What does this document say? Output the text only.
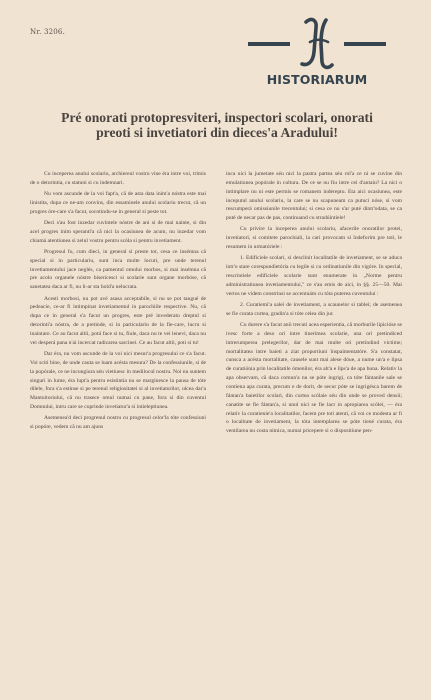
Nr. 3206.
HISTORIARUM
Pré onorati protopresviteri, inspectori scolari, onorati
preoti si invetiatori din dieces'a Aradului!

Cu inceperea anului scolariu, archiereul vostru vine éra intre voi, trimis de o detorintia, cu statuni si cu indemnari.

Nu vom ascunde de la voi fapt'a, că de asta data inim'a nóstra este mai linistita, dupa ce ne-am convins, din essaminele anului scolariu trecut, că un progres óre-care s'a facut, socotindu-se in general si peste tot.

Deci s'au fost inzedar cuvintele nóstre de ani si de mai nainte, si din acel progres inim sperantí'a că nici la ocasiunea de acum, nu inzedar vom chiamá atentiunea si zelul vostru pentru scóla si pentru invetiament.

Progresul fu, cum dieci, in general si preste tot, cesa ce insémna că special si in particulariu, sunt inca multe locuri, pre unde terenul invetiamentului jace neglés, ca pamentul omului morbos, si mai insémna că pre acolo organele nóstre bisericesci si scolarie sunt organe morbóse, că sanetatea daca ar fi, nu li-ar sta hold'a nelucrata.

Acesti morbosi, nu pot avé asasa acceptabile, si nu se pot tangué de pedeacie, ce-ar fi intimpinat invetiamentul in parochiile respective. Nu, că dupa ce in general s'a facut un progres, este pré invederatu dreptul si detorinti'a nóstra, de a pretinde, si in particulariu de la fie-care, lucru si inaintare. Ce au facut altii, potú face si tu, fiule, daca nu te vei lenevi, daca nu vei desperá pana n'ai incercat radicarea sarcinei. Ce au facut altii, poti si tu!

Dar éra, nu vom ascunde de la voi nici mesur'a progresului ce s'a facut. Voi sciti bine, de unde cauta se luam acésta mesura? De la confessiunile, si de la popórale, ce ne incungiura séu vietiuesc in medilocul nostru. Noi nu suntem singuri in lume, éra lupt'a pentru esistintia nu se marginesce la pausa de tóte dilele, fora s'a estinse si pe terenul religiositatei si al invetiaturilor, ulcea dar'a Mantuitoriului, că nu trasece omul numai cu pane, fora si din cuventul Domnului, intru care se cuprinde invetiatur'a si intieleptiunea.

Asemenea'd deci progrenul nostru cu progresul celor'la tóte confessiuni si popóre, vedem că nu am ajuns

inca nici la jumetate séu nici la pastra partea séu rol'a ce ni se cuvine din emulatiunea popórale in cultura. De ce se nu fiu intre cei d'antaiu? La nici o intimplare nu ni este permis se romanem indereptu. Eta aici ocasiunea, este inceputul anului scolariu, la care se nu scapuneam ca putuci nóse, si vom rescumperá omissiunile trecentului; si cesa ce nu s'ar puté dintr'odata, se ca puté de necar pas de pas, continuand cu stradúintiele!

Cu privire la inceperea anului scolariu, afacerile onoratilor protei, invetiatori, si comitete parochiali, la cari provocam si îndeforim pre toti, le resumem in urmatóriele :

1. Edificiele scolari, si desclinit localitatile de invetiament, se se aduca intr'o stare corespundietória cu legile si cu ordinatiunile din vigóre. In special, rescrintiele edificiele scolarie sunt enumerate in „Norme pentru administratiunea invetiamentului," ce s'au emis de aici, in §§. 25—50. Mai vertos ne videm constrinsi se accentuám cu tóta puterea cuventului :

2. Curatiemi'a salei de invetiament, a scaunelor si tablei; de asemenea se fie curata curtea, gradin'a si tóte celea din jur.

Cu durere s'a facut anii trecuti acea esperientia, că morburile lipicióse se ivesc forte a deso ori intre tinerimea scolarie, una ori pretindiced intrerumperea prelegerilor, dar de mai multe ori pretindind victime; mortalitatea intre baieti a ziat proportiuni înspaimentatóre. S'a constatat, cunsca a acésta mortalitate, causele sunt mai alese dóue, a nume un'a e lipsa de curatiónia prin localitatile ómenilor, éra alt'a e lips'a de apa buna. Relativ la apa observam, că daca comun'a nu se póte ingrigi, ca tóte fántanile sale se contiena apa curata, precum e de dorit, de secur póte se ingrigésca barem de fántan'a baietilor scolari, din curtea scólaie séu din unde se proved densii; canatite se fie fántan'a, si unul nici se fie lacr in apropiarea scólei, — éra relativ la curatienie'a localitatilor, facem pre toti atenti, că voi ce modesta ar fi o localitate de invetiament, la tóta intemplarea se póte tiené curata, éra ventilarea nu costa nimica, numai pricepere si o dispositiune pen-
